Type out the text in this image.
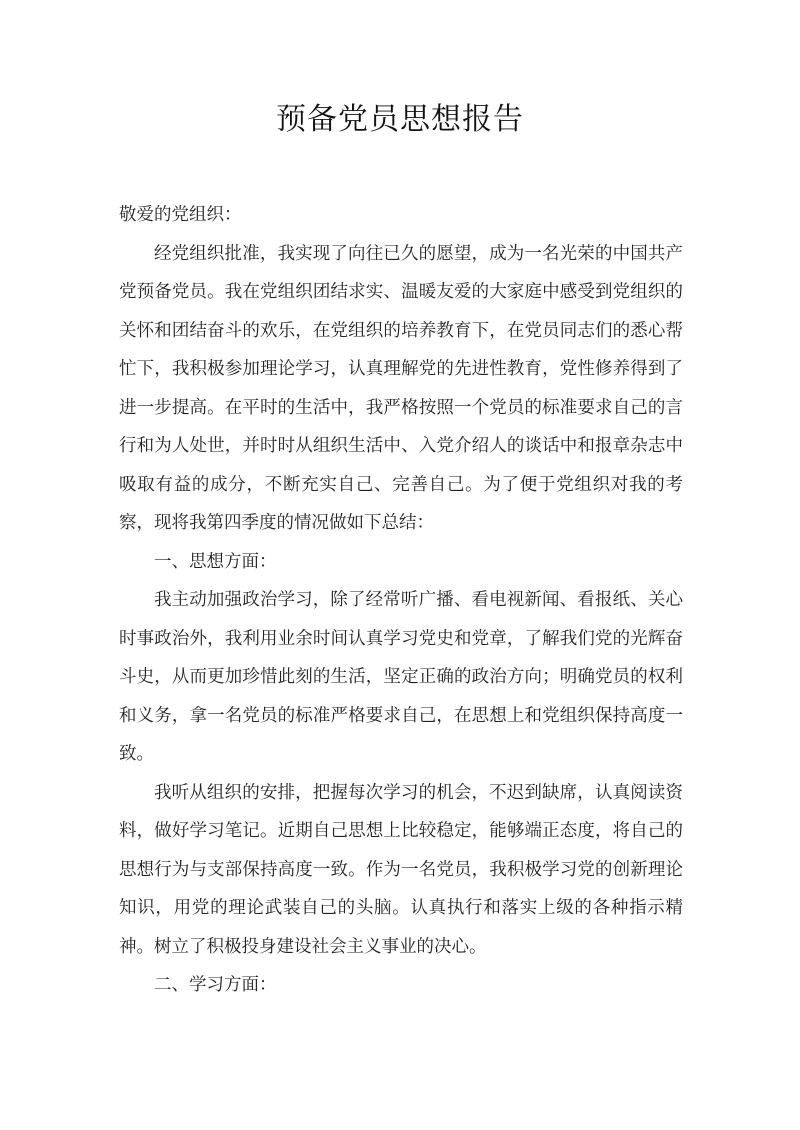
预备党员思想报告

敬爱的党组织：

经党组织批准，我实现了向往已久的愿望，成为一名光荣的中国共产党预备党员。我在党组织团结求实、温暖友爱的大家庭中感受到党组织的关怀和团结奋斗的欢乐，在党组织的培养教育下，在党员同志们的悉心帮忙下，我积极参加理论学习，认真理解党的先进性教育，党性修养得到了进一步提高。在平时的生活中，我严格按照一个党员的标准要求自己的言行和为人处世，并时时从组织生活中、入党介绍人的谈话中和报章杂志中吸取有益的成分，不断充实自己、完善自己。为了便于党组织对我的考察，现将我第四季度的情况做如下总结：

一、思想方面：

我主动加强政治学习，除了经常听广播、看电视新闻、看报纸、关心时事政治外，我利用业余时间认真学习党史和党章，了解我们党的光辉奋斗史，从而更加珍惜此刻的生活，坚定正确的政治方向；明确党员的权利和义务，拿一名党员的标准严格要求自己，在思想上和党组织保持高度一致。

我听从组织的安排，把握每次学习的机会，不迟到缺席，认真阅读资料，做好学习笔记。近期自己思想上比较稳定，能够端正态度，将自己的思想行为与支部保持高度一致。作为一名党员，我积极学习党的创新理论知识，用党的理论武装自己的头脑。认真执行和落实上级的各种指示精神。树立了积极投身建设社会主义事业的决心。

二、学习方面：
